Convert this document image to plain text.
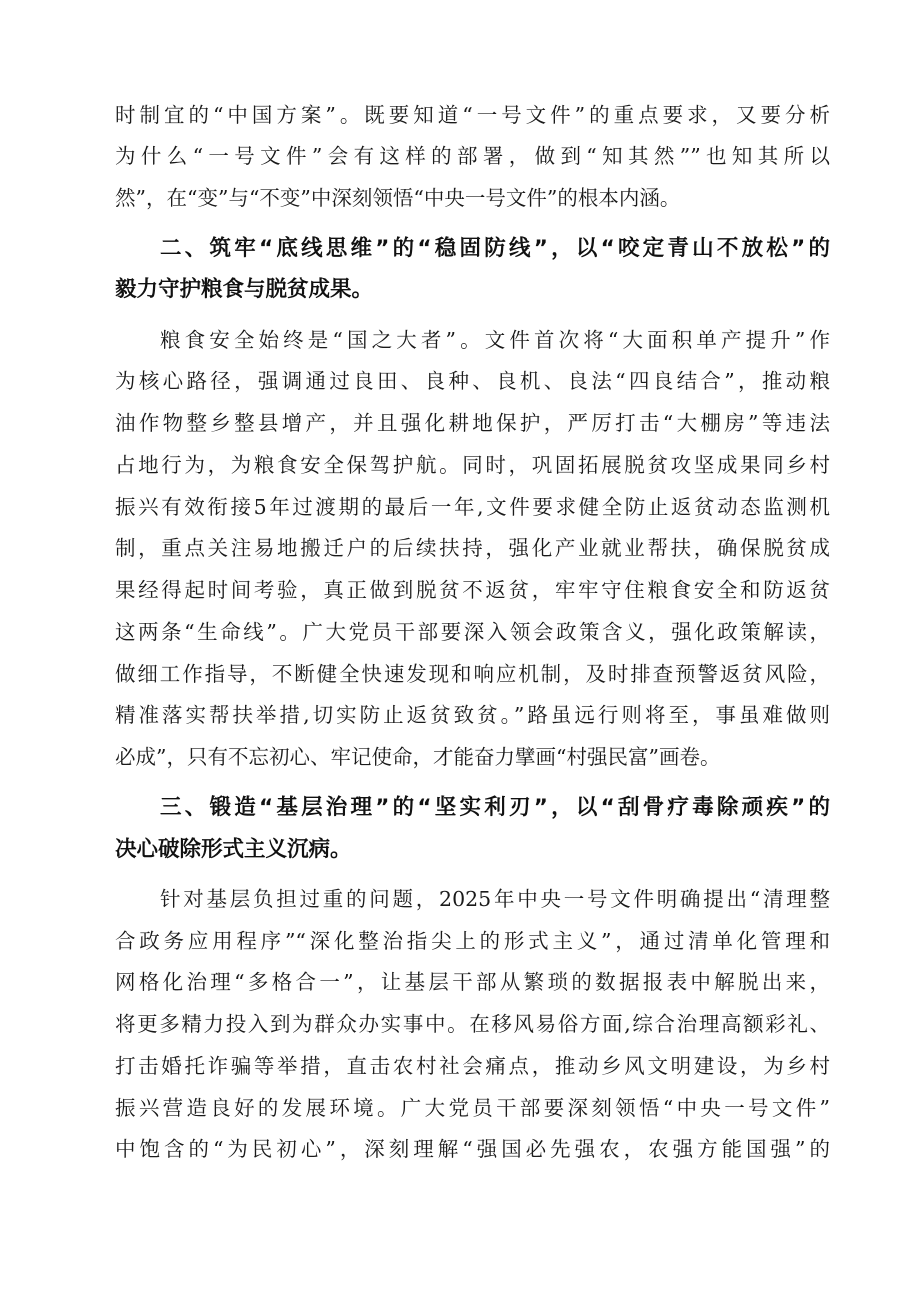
时制宜的“中国方案”。既要知道“一号文件”的重点要求，又要分析
为什么“一号文件”会有这样的部署，做到“知其然””也知其所以
然”，在“变”与“不变”中深刻领悟“中央一号文件”的根本内涵。
二、筑牢“底线思维”的“稳固防线”，以“咬定青山不放松”的
毅力守护粮食与脱贫成果。
粮食安全始终是“国之大者”。文件首次将“大面积单产提升”作
为核心路径，强调通过良田、良种、良机、良法“四良结合”，推动粮
油作物整乡整县增产，并且强化耕地保护，严厉打击“大棚房”等违法
占地行为，为粮食安全保驾护航。同时，巩固拓展脱贫攻坚成果同乡村
振兴有效衔接5年过渡期的最后一年,文件要求健全防止返贫动态监测机
制，重点关注易地搬迁户的后续扶持，强化产业就业帮扶，确保脱贫成
果经得起时间考验，真正做到脱贫不返贫，牢牢守住粮食安全和防返贫
这两条“生命线”。广大党员干部要深入领会政策含义，强化政策解读，
做细工作指导，不断健全快速发现和响应机制，及时排查预警返贫风险，
精准落实帮扶举措,切实防止返贫致贫。”路虽远行则将至，事虽难做则
必成”，只有不忘初心、牢记使命，才能奋力擘画“村强民富”画卷。
三、锻造“基层治理”的“坚实利刃”，以“刮骨疗毒除顽疾”的
决心破除形式主义沉病。
针对基层负担过重的问题，2025年中央一号文件明确提出“清理整
合政务应用程序”“深化整治指尖上的形式主义”，通过清单化管理和
网格化治理“多格合一”，让基层干部从繁琐的数据报表中解脱出来，
将更多精力投入到为群众办实事中。在移风易俗方面,综合治理高额彩礼、
打击婚托诈骗等举措，直击农村社会痛点，推动乡风文明建设，为乡村
振兴营造良好的发展环境。广大党员干部要深刻领悟“中央一号文件”
中饱含的“为民初心”，深刻理解“强国必先强农，农强方能国强”的
